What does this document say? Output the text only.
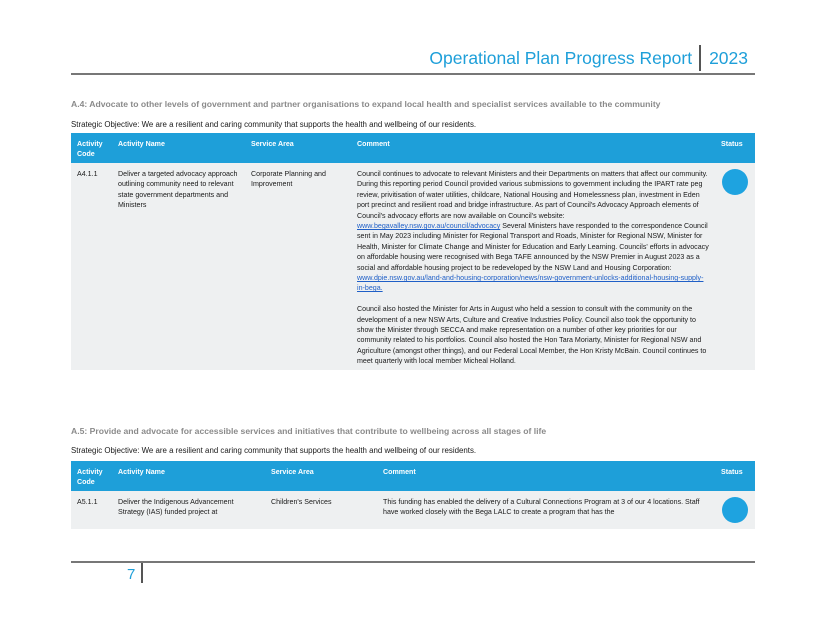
Operational Plan Progress Report 2023
A.4: Advocate to other levels of government and partner organisations to expand local health and specialist services available to the community
Strategic Objective: We are a resilient and caring community that supports the health and wellbeing of our residents.
Activity Code	Activity Name	Service Area	Comment	Status
A4.1.1	Deliver a targeted advocacy approach outlining community need to relevant state government departments and Ministers	Corporate Planning and Improvement	Council continues to advocate to relevant Ministers and their Departments on matters that affect our community. During this reporting period Council provided various submissions to government including the IPART rate peg review, privitisation of water utilities, childcare, National Housing and Homelessness plan, investment in Eden port precinct and resilient road and bridge infrastructure. As part of Council's Advocacy Approach elements of Council's advocacy efforts are now available on Council's website: www.begavalley.nsw.gov.au/council/advocacy Several Ministers have responded to the correspondence Council sent in May 2023 including Minister for Regional Transport and Roads, Minister for Regional NSW, Minister for Health, Minister for Climate Change and Minister for Education and Early Learning. Councils' efforts in advocacy on affordable housing were recognised with Bega TAFE announced by the NSW Premier in August 2023 as a social and affordable housing project to be redeveloped by the NSW Land and Housing Corporation: www.dpie.nsw.gov.au/land-and-housing-corporation/news/nsw-government-unlocks-additional-housing-supply-in-bega.
Council also hosted the Minister for Arts in August who held a session to consult with the community on the development of a new NSW Arts, Culture and Creative Industries Policy. Council also took the opportunity to show the Minister through SECCA and make representation on a number of other key priorities for our community related to his portfolios. Council also hosted the Hon Tara Moriarty, Minister for Regional NSW and Agriculture (amongst other things), and our Federal Local Member, the Hon Kristy McBain. Council continues to meet quarterly with local member Micheal Holland.	

A.5: Provide and advocate for accessible services and initiatives that contribute to wellbeing across all stages of life
Strategic Objective: We are a resilient and caring community that supports the health and wellbeing of our residents.
Activity Code	Activity Name	Service Area	Comment	Status
A5.1.1	Deliver the Indigenous Advancement Strategy (IAS) funded project at	Children's Services	This funding has enabled the delivery of a Cultural Connections Program at 3 of our 4 locations. Staff have worked closely with the Bega LALC to create a program that has the	
7
